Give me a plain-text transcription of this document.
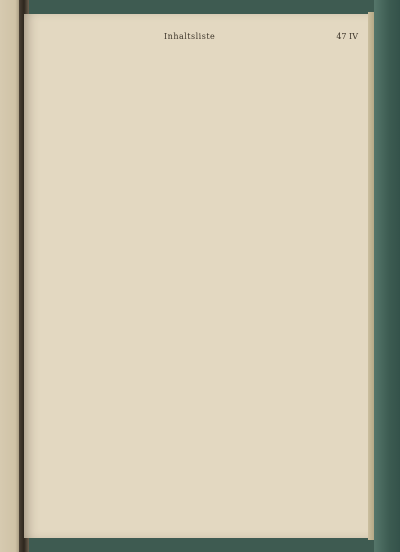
Inhaltsliste	47 IV
